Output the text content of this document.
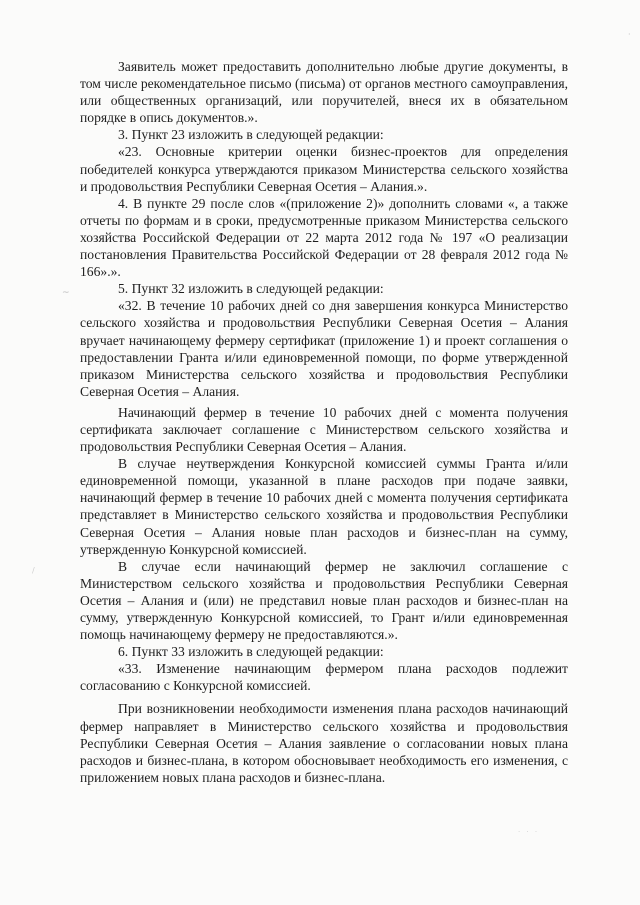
·
~
/
. . .

Заявитель может предоставить дополнительно любые другие документы, в том числе рекомендательное письмо (письма) от органов местного самоуправления, или общественных организаций, или поручителей, внеся их в обязательном порядке в опись документов.».

3. Пункт 23 изложить в следующей редакции:

«23. Основные критерии оценки бизнес-проектов для определения победителей конкурса утверждаются приказом Министерства сельского хозяйства и продовольствия Республики Северная Осетия – Алания.».

4. В пункте 29 после слов «(приложение 2)» дополнить словами «, а также отчеты по формам и в сроки, предусмотренные приказом Министерства сельского хозяйства Российской Федерации от 22 марта 2012 года № 197 «О реализации постановления Правительства Российской Федерации от 28 февраля 2012 года № 166».».

5. Пункт 32 изложить в следующей редакции:

«32. В течение 10 рабочих дней со дня завершения конкурса Министерство сельского хозяйства и продовольствия Республики Северная Осетия – Алания вручает начинающему фермеру сертификат (приложение 1) и проект соглашения о предоставлении Гранта и/или единовременной помощи, по форме утвержденной приказом Министерства сельского хозяйства и продовольствия Республики Северная Осетия – Алания.

Начинающий фермер в течение 10 рабочих дней с момента получения сертификата заключает соглашение с Министерством сельского хозяйства и продовольствия Республики Северная Осетия – Алания.

В случае неутверждения Конкурсной комиссией суммы Гранта и/или единовременной помощи, указанной в плане расходов при подаче заявки, начинающий фермер в течение 10 рабочих дней с момента получения сертификата представляет в Министерство сельского хозяйства и продовольствия Республики Северная Осетия – Алания новые план расходов и бизнес-план на сумму, утвержденную Конкурсной комиссией.

В случае если начинающий фермер не заключил соглашение с Министерством сельского хозяйства и продовольствия Республики Северная Осетия – Алания и (или) не представил новые план расходов и бизнес-план на сумму, утвержденную Конкурсной комиссией, то Грант и/или единовременная помощь начинающему фермеру не предоставляются.».

6. Пункт 33 изложить в следующей редакции:

«33. Изменение начинающим фермером плана расходов подлежит согласованию с Конкурсной комиссией.

При возникновении необходимости изменения плана расходов начинающий фермер направляет в Министерство сельского хозяйства и продовольствия Республики Северная Осетия – Алания заявление о согласовании новых плана расходов и бизнес-плана, в котором обосновывает необходимость его изменения, с приложением новых плана расходов и бизнес-плана.
